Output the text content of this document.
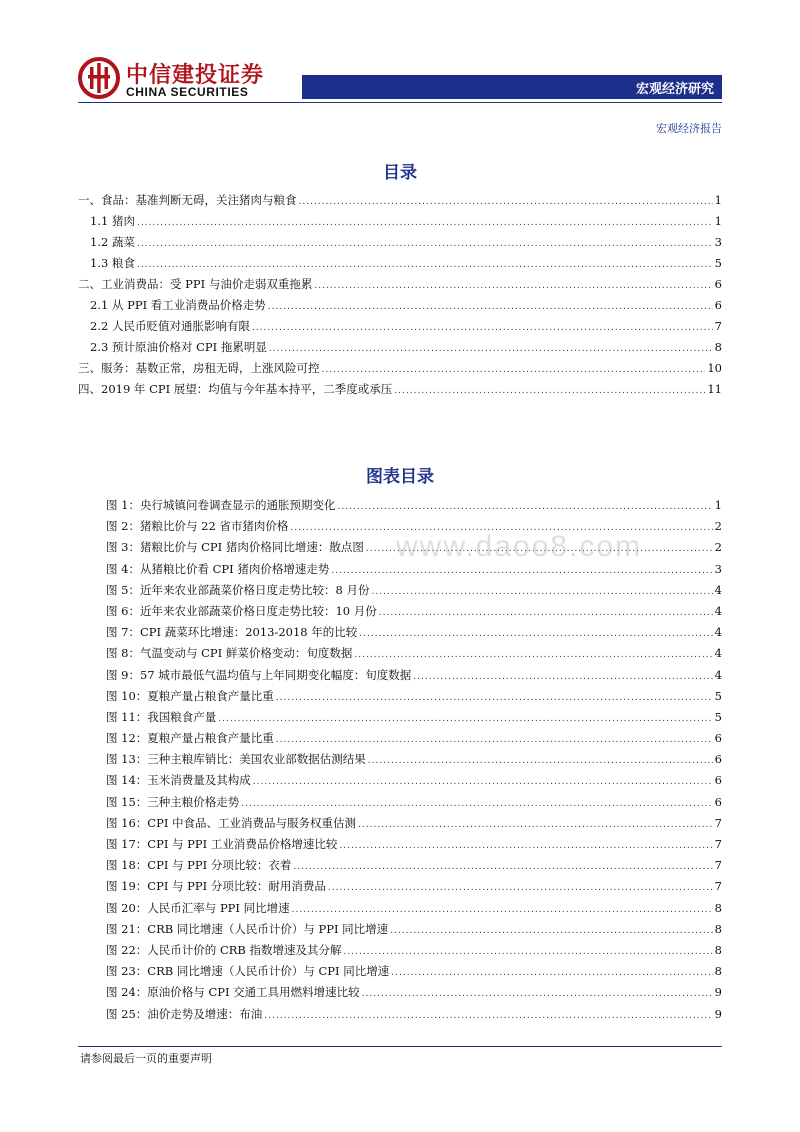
中信建投证券
CHINA SECURITIES	宏观经济研究
宏观经济报告
目录
一、食品：基准判断无碍，关注猪肉与粮食 .....	1
1.1 猪肉 .....	1
1.2 蔬菜 .....	3
1.3 粮食 .....	5
二、工业消费品：受 PPI 与油价走弱双重拖累 .....	6
2.1 从 PPI 看工业消费品价格走势 .....	6
2.2 人民币贬值对通胀影响有限 .....	7
2.3 预计原油价格对 CPI 拖累明显 .....	8
三、服务：基数正常，房租无碍，上涨风险可控 .....	10
四、2019 年 CPI 展望：均值与今年基本持平，二季度或承压 .....	11
图表目录
图 1：央行城镇问卷调查显示的通胀预期变化 .....	1
图 2：猪粮比价与 22 省市猪肉价格 .....	2
图 3：猪粮比价与 CPI 猪肉价格同比增速：散点图 .....	2
图 4：从猪粮比价看 CPI 猪肉价格增速走势 .....	3
图 5：近年来农业部蔬菜价格日度走势比较：8 月份 .....	4
图 6：近年来农业部蔬菜价格日度走势比较：10 月份 .....	4
图 7：CPI 蔬菜环比增速：2013-2018 年的比较 .....	4
图 8：气温变动与 CPI 鲜菜价格变动：旬度数据 .....	4
图 9：57 城市最低气温均值与上年同期变化幅度：旬度数据 .....	4
图 10：夏粮产量占粮食产量比重 .....	5
图 11：我国粮食产量 .....	5
图 12：夏粮产量占粮食产量比重 .....	6
图 13：三种主粮库销比：美国农业部数据估测结果 .....	6
图 14：玉米消费量及其构成 .....	6
图 15：三种主粮价格走势 .....	6
图 16：CPI 中食品、工业消费品与服务权重估测 .....	7
图 17：CPI 与 PPI 工业消费品价格增速比较 .....	7
图 18：CPI 与 PPI 分项比较：衣着 .....	7
图 19：CPI 与 PPI 分项比较：耐用消费品 .....	7
图 20：人民币汇率与 PPI 同比增速 .....	8
图 21：CRB 同比增速（人民币计价）与 PPI 同比增速 .....	8
图 22：人民币计价的 CRB 指数增速及其分解 .....	8
图 23：CRB 同比增速（人民币计价）与 CPI 同比增速 .....	8
图 24：原油价格与 CPI 交通工具用燃料增速比较 .....	9
图 25：油价走势及增速：布油 .....	9
www.daoo8.com
请参阅最后一页的重要声明
